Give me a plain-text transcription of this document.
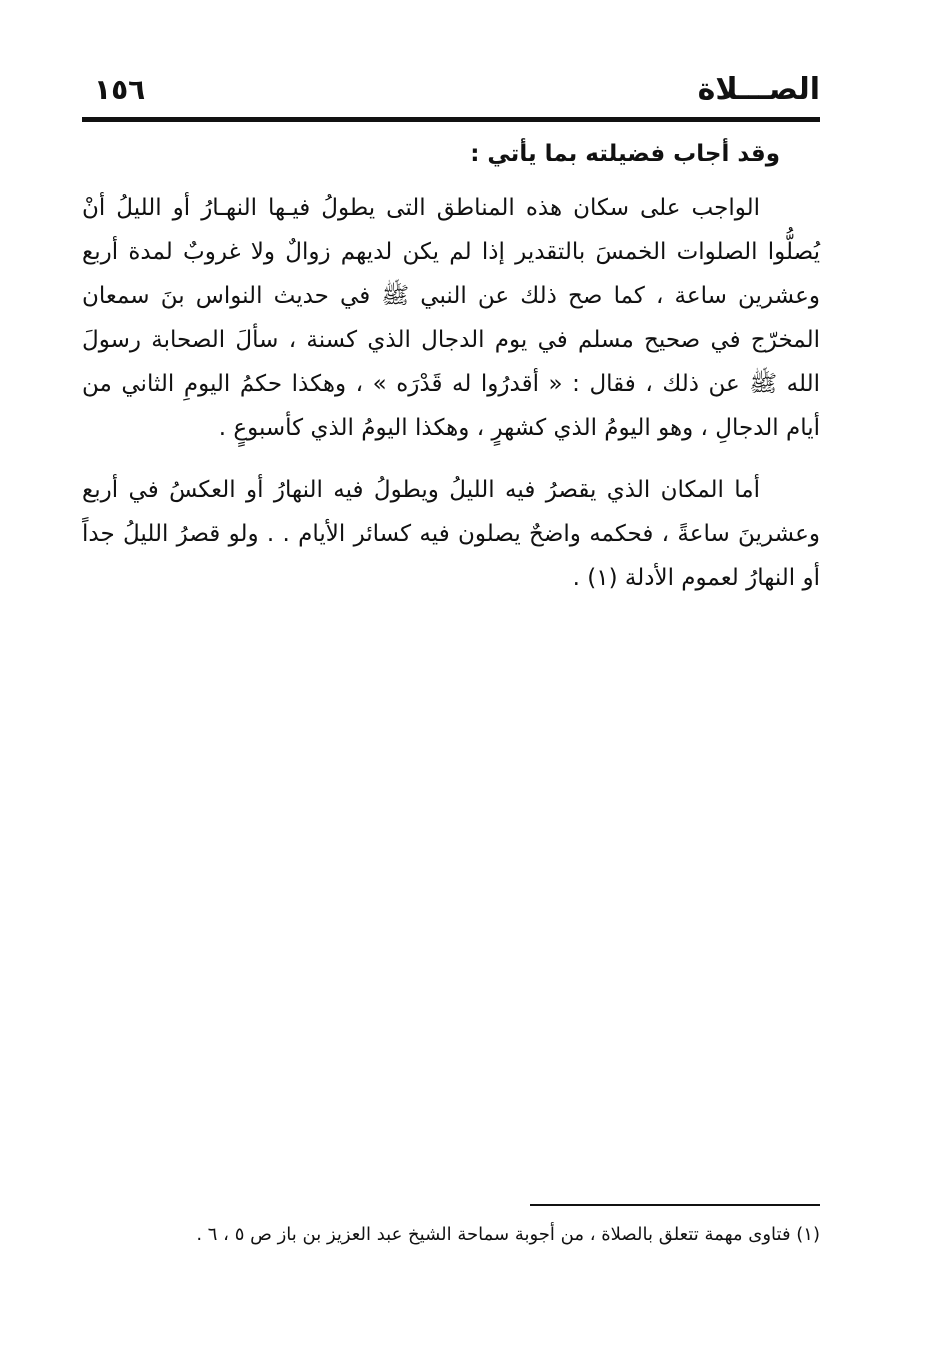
الصـــلاة
١٥٦

وقد أجاب فضيلته بما يأتي :

الواجب على سكان هذه المناطق التى يطولُ فيـها النهـارُ أو الليلُ أنْ يُصلُّوا الصلوات الخمسَ بالتقدير إذا لم يكن لديهم زوالٌ ولا غروبٌ لمدة أربع وعشرين ساعة ، كما صح ذلك عن النبي ﷺ في حديث النواس بنَ سمعان المخرّج في صحيح مسلم في يوم الدجال الذي كسنة ، سألَ الصحابة رسولَ الله ﷺ عن ذلك ، فقال : « أقدرُوا له قَدْرَه » ، وهكذا حكمُ اليومِ الثاني من أيام الدجالِ ، وهو اليومُ الذي كشهرٍ ، وهكذا اليومُ الذي كأسبوعٍ .

أما المكان الذي يقصرُ فيه الليلُ ويطولُ فيه النهارُ أو العكسُ في أربع وعشرينَ ساعةً ، فحكمه واضحٌ يصلون فيه كسائر الأيام . . ولو قصرُ الليلُ جداً أو النهارُ لعموم الأدلة (١) .

(١) فتاوى مهمة تتعلق بالصلاة ، من أجوبة سماحة الشيخ عبد العزيز بن باز ص ٥ ، ٦ .
